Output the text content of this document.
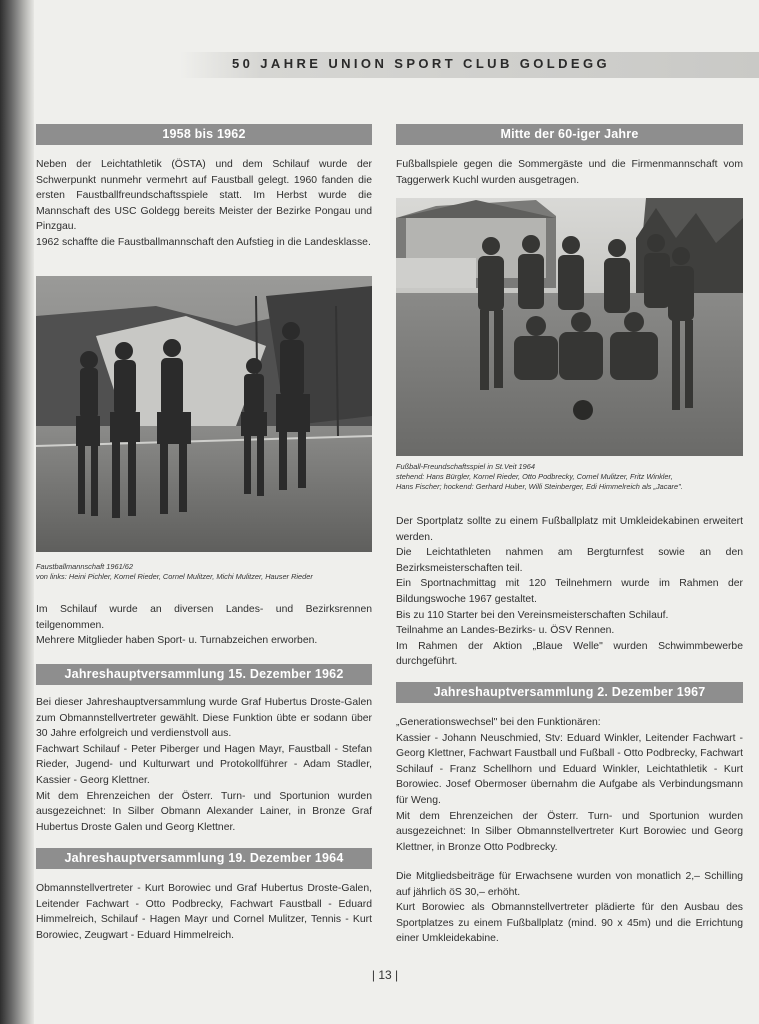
50 JAHRE UNION SPORT CLUB GOLDEGG
1958 bis 1962

Neben der Leichtathletik (ÖSTA) und dem Schilauf wurde der Schwerpunkt nunmehr vermehrt auf Faustball gelegt. 1960 fanden die ersten Faustballfreundschaftsspiele statt. Im Herbst wurde die Mannschaft des USC Goldegg bereits Meister der Bezirke Pongau und Pinzgau.

1962 schaffte die Faustballmannschaft den Aufstieg in die Landesklasse.

Faustballmannschaft 1961/62

von links: Heini Pichler, Kornel Rieder, Cornel Mulitzer, Michi Mulitzer, Hauser Rieder

Im Schilauf wurde an diversen Landes- und Bezirksrennen teilgenommen.

Mehrere Mitglieder haben Sport- u. Turnabzeichen erworben.

Jahreshauptversammlung 15. Dezember 1962

Bei dieser Jahreshauptversammlung wurde Graf Hubertus Droste-Galen zum Obmannstellvertreter gewählt. Diese Funktion übte er sodann über 30 Jahre erfolgreich und verdienstvoll aus.

Fachwart Schilauf - Peter Piberger und Hagen Mayr, Faustball - Stefan Rieder, Jugend- und Kulturwart und Protokollführer - Adam Stadler, Kassier - Georg Klettner.

Mit dem Ehrenzeichen der Österr. Turn- und Sportunion wurden ausgezeichnet: In Silber Obmann Alexander Lainer, in Bronze Graf Hubertus Droste Galen und Georg Klettner.

Jahreshauptversammlung 19. Dezember 1964

Obmannstellvertreter - Kurt Borowiec und Graf Hubertus Droste-Galen, Leitender Fachwart - Otto Podbrecky, Fachwart Faustball - Eduard Himmelreich, Schilauf - Hagen Mayr und Cornel Mulitzer, Tennis - Kurt Borowiec, Zeugwart - Eduard Himmelreich.

Mitte der 60-iger Jahre

Fußballspiele gegen die Sommergäste und die Firmenmannschaft vom Taggerwerk Kuchl wurden ausgetragen.

Fußball-Freundschaftsspiel in St.Veit 1964

stehend: Hans Bürgler, Kornel Rieder, Otto Podbrecky, Cornel Mulitzer, Fritz Winkler,

Hans Fischer; hockend: Gerhard Huber, Willi Steinberger, Edi Himmelreich als „Jacare".

Der Sportplatz sollte zu einem Fußballplatz mit Umkleidekabinen erweitert werden.

Die Leichtathleten nahmen am Bergturnfest sowie an den Bezirksmeisterschaften teil.

Ein Sportnachmittag mit 120 Teilnehmern wurde im Rahmen der Bildungswoche 1967 gestaltet.

Bis zu 110 Starter bei den Vereinsmeisterschaften Schilauf.

Teilnahme an Landes-Bezirks- u. ÖSV Rennen.

Im Rahmen der Aktion „Blaue Welle" wurden Schwimmbewerbe durchgeführt.

Jahreshauptversammlung 2. Dezember 1967

„Generationswechsel" bei den Funktionären:

Kassier - Johann Neuschmied, Stv: Eduard Winkler, Leitender Fachwart - Georg Klettner, Fachwart Faustball und Fußball - Otto Podbrecky, Fachwart Schilauf - Franz Schellhorn und Eduard Winkler, Leichtathletik - Kurt Borowiec. Josef Obermoser übernahm die Aufgabe als Verbindungsmann für Weng.

Mit dem Ehrenzeichen der Österr. Turn- und Sportunion wurden ausgezeichnet: In Silber Obmannstellvertreter Kurt Borowiec und Georg Klettner, in Bronze Otto Podbrecky.

Die Mitgliedsbeiträge für Erwachsene wurden von monatlich 2,– Schilling auf jährlich öS 30,– erhöht.

Kurt Borowiec als Obmannstellvertreter plädierte für den Ausbau des Sportplatzes zu einem Fußballplatz (mind. 90 x 45m) und die Errichtung einer Umkleidekabine.

| 13 |
